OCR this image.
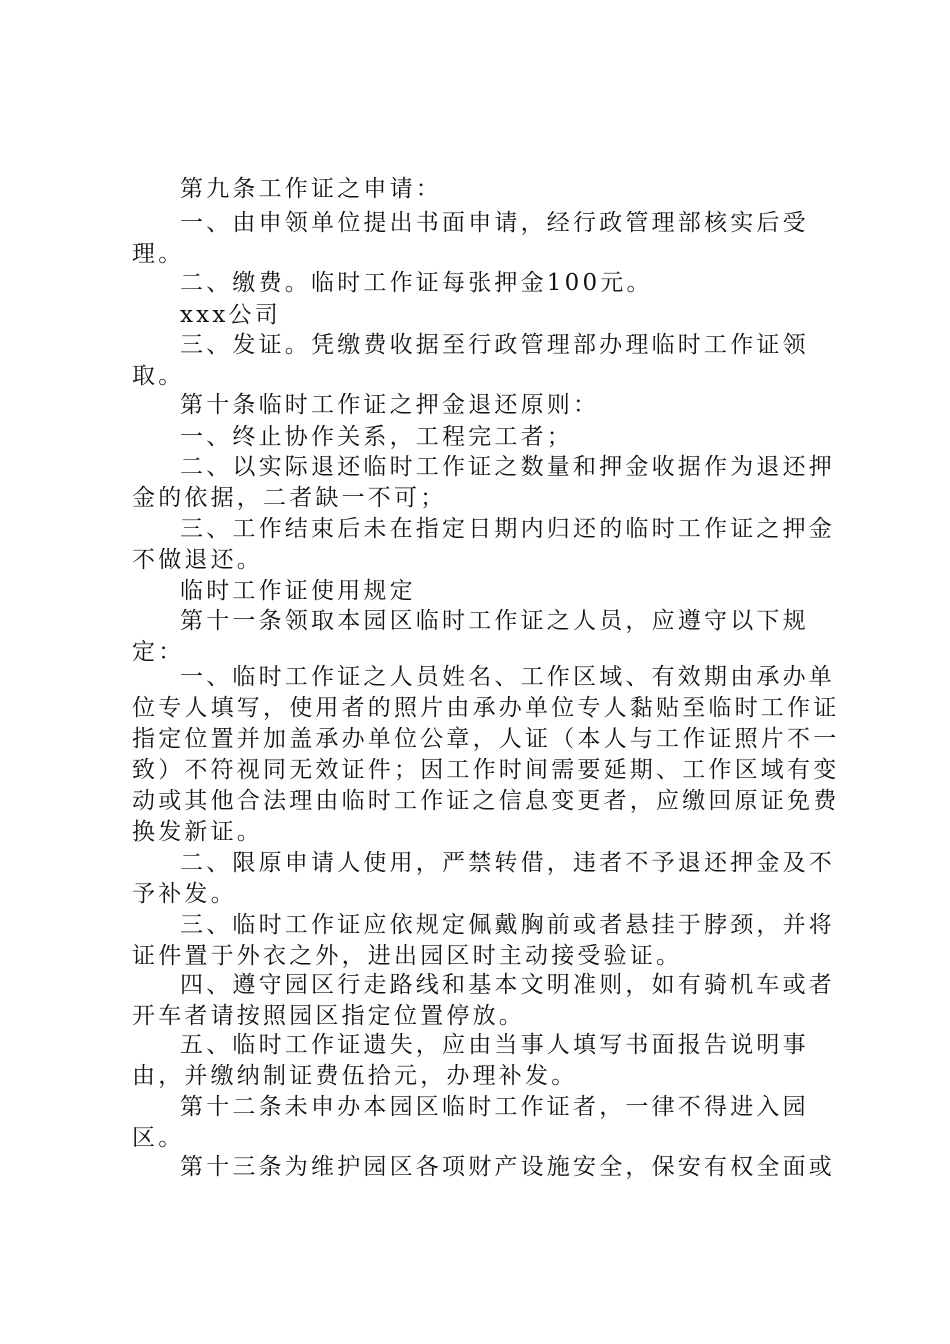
第九条工作证之申请：

一、由申领单位提出书面申请，经行政管理部核实后受理。

二、缴费。临时工作证每张押金100元。

xxx公司

三、发证。凭缴费收据至行政管理部办理临时工作证领取。

第十条临时工作证之押金退还原则：

一、终止协作关系，工程完工者；

二、以实际退还临时工作证之数量和押金收据作为退还押金的依据，二者缺一不可；

三、工作结束后未在指定日期内归还的临时工作证之押金不做退还。

临时工作证使用规定

第十一条领取本园区临时工作证之人员，应遵守以下规定：

一、临时工作证之人员姓名、工作区域、有效期由承办单位专人填写，使用者的照片由承办单位专人黏贴至临时工作证指定位置并加盖承办单位公章，人证（本人与工作证照片不一致）不符视同无效证件；因工作时间需要延期、工作区域有变动或其他合法理由临时工作证之信息变更者，应缴回原证免费换发新证。

二、限原申请人使用，严禁转借，违者不予退还押金及不予补发。

三、临时工作证应依规定佩戴胸前或者悬挂于脖颈，并将证件置于外衣之外，进出园区时主动接受验证。

四、遵守园区行走路线和基本文明准则，如有骑机车或者开车者请按照园区指定位置停放。

五、临时工作证遗失，应由当事人填写书面报告说明事由，并缴纳制证费伍拾元，办理补发。

第十二条未申办本园区临时工作证者，一律不得进入园区。

第十三条为维护园区各项财产设施安全，保安有权全面或
